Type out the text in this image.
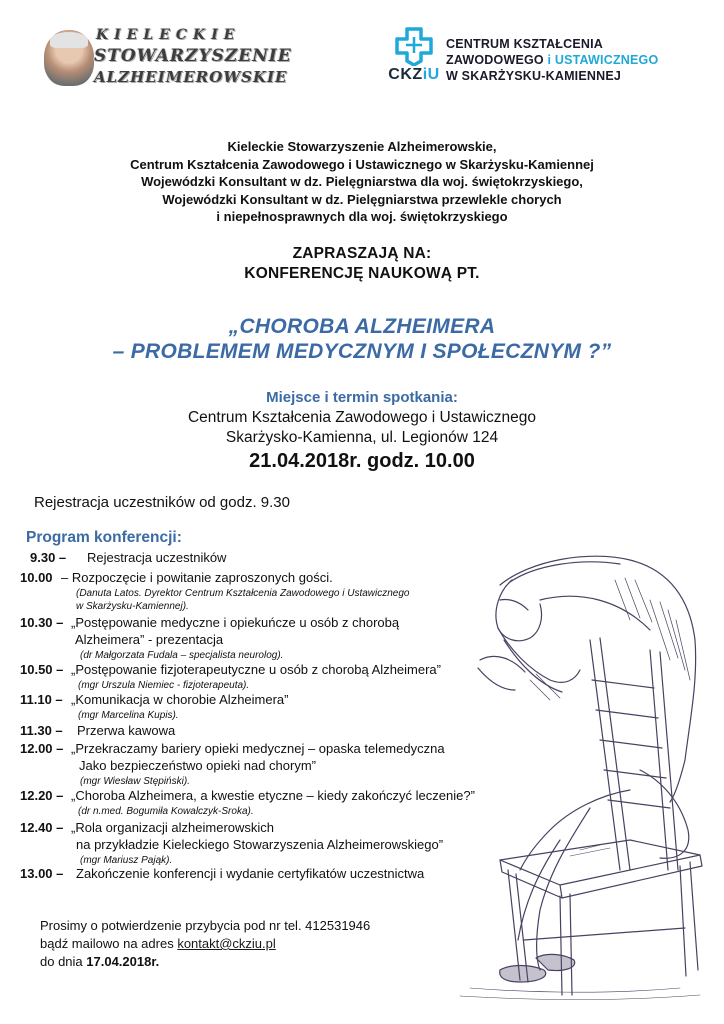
KIELECKIE
STOWARZYSZENIE
ALZHEIMEROWSKIE	CKZiU
CENTRUM KSZTAŁCENIA
ZAWODOWEGO i USTAWICZNEGO
W SKARŻYSKU-KAMIENNEJ
Kieleckie Stowarzyszenie Alzheimerowskie,
Centrum Kształcenia Zawodowego i Ustawicznego w Skarżysku-Kamiennej
Wojewódzki Konsultant w dz. Pielęgniarstwa dla woj. świętokrzyskiego,
Wojewódzki Konsultant w dz. Pielęgniarstwa przewlekle chorych
i niepełnosprawnych dla woj. świętokrzyskiego
ZAPRASZAJĄ NA:
KONFERENCJĘ NAUKOWĄ PT.
„CHOROBA ALZHEIMERA
– PROBLEMEM MEDYCZNYM I SPOŁECZNYM ?”
Miejsce i termin spotkania:
Centrum Kształcenia Zawodowego i Ustawicznego
Skarżysko-Kamienna, ul. Legionów 124
21.04.2018r. godz. 10.00
Rejestracja uczestników od godz. 9.30
Program konferencji:
9.30 – Rejestracja uczestników
10.00 – Rozpoczęcie i powitanie zaproszonych gości.
(Danuta Latos. Dyrektor Centrum Kształcenia Zawodowego i Ustawicznego
w Skarżysku-Kamiennej).
10.30 – „Postępowanie medyczne i opiekuńcze u osób z chorobą
Alzheimera” - prezentacja
(dr Małgorzata Fudala – specjalista neurolog).
10.50 – „Postępowanie fizjoterapeutyczne u osób z chorobą Alzheimera”
(mgr Urszula Niemiec - fizjoterapeuta).
11.10 – „Komunikacja w chorobie Alzheimera”
(mgr Marcelina Kupis).
11.30 – Przerwa kawowa
12.00 – „Przekraczamy bariery opieki medycznej – opaska telemedyczna
Jako bezpieczeństwo opieki nad chorym”
(mgr Wiesław Stępiński).
12.20 – „Choroba Alzheimera, a kwestie etyczne – kiedy zakończyć leczenie?”
(dr n.med. Bogumiła Kowalczyk-Sroka).
12.40 – „Rola organizacji alzheimerowskich
na przykładzie Kieleckiego Stowarzyszenia Alzheimerowskiego”
(mgr Mariusz Pająk).
13.00 – Zakończenie konferencji i wydanie certyfikatów uczestnictwa
Prosimy o potwierdzenie przybycia pod nr tel. 412531946
bądź mailowo na adres kontakt@ckziu.pl
do dnia 17.04.2018r.
